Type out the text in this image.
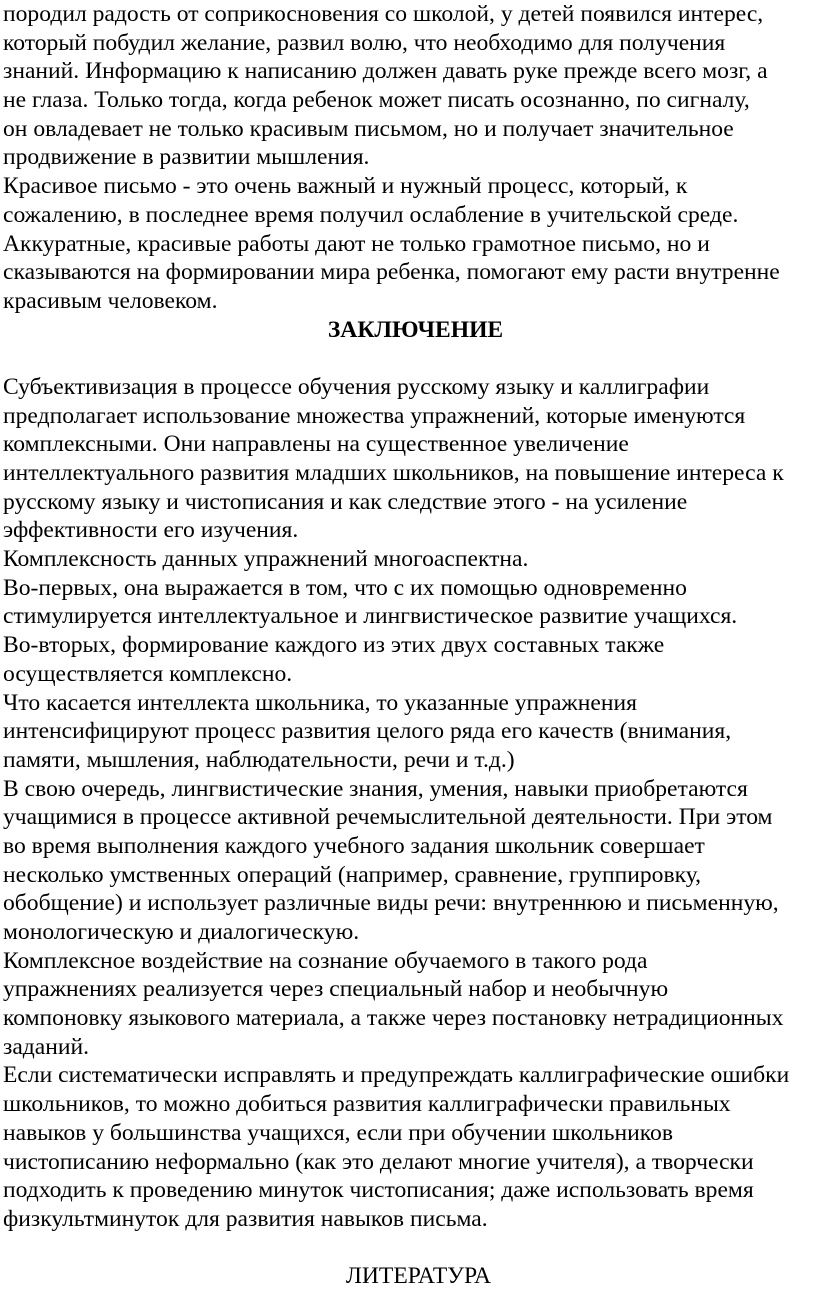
породил радость от соприкосновения со школой, у детей появился интерес,
который побудил желание, развил волю, что необходимо для получения
знаний. Информацию к написанию должен давать руке прежде всего мозг, а
не глаза. Только тогда, когда ребенок может писать осознанно, по сигналу,
он овладевает не только красивым письмом, но и получает значительное
продвижение в развитии мышления.
Красивое письмо - это очень важный и нужный процесс, который, к
сожалению, в последнее время получил ослабление в учительской среде.
Аккуратные, красивые работы дают не только грамотное письмо, но и
сказываются на формировании мира ребенка, помогают ему расти внутренне
красивым человеком.
ЗАКЛЮЧЕНИЕ
Субъективизация в процессе обучения русскому языку и каллиграфии
предполагает использование множества упражнений, которые именуются
комплексными. Они направлены на существенное увеличение
интеллектуального развития младших школьников, на повышение интереса к
русскому языку и чистописания и как следствие этого - на усиление
эффективности его изучения.
Комплексность данных упражнений многоаспектна.
Во-первых, она выражается в том, что с их помощью одновременно
стимулируется интеллектуальное и лингвистическое развитие учащихся.
Во-вторых, формирование каждого из этих двух составных также
осуществляется комплексно.
Что касается интеллекта школьника, то указанные упражнения
интенсифицируют процесс развития целого ряда его качеств (внимания,
памяти, мышления, наблюдательности, речи и т.д.)
В свою очередь, лингвистические знания, умения, навыки приобретаются
учащимися в процессе активной речемыслительной деятельности. При этом
во время выполнения каждого учебного задания школьник совершает
несколько умственных операций (например, сравнение, группировку,
обобщение) и использует различные виды речи: внутреннюю и письменную,
монологическую и диалогическую.
Комплексное воздействие на сознание обучаемого в такого рода
упражнениях реализуется через специальный набор и необычную
компоновку языкового материала, а также через постановку нетрадиционных
заданий.
Если систематически исправлять и предупреждать каллиграфические ошибки
школьников, то можно добиться развития каллиграфически правильных
навыков у большинства учащихся, если при обучении школьников
чистописанию неформально (как это делают многие учителя), а творчески
подходить к проведению минуток чистописания; даже использовать время
физкультминуток для развития навыков письма.
ЛИТЕРАТУРА
